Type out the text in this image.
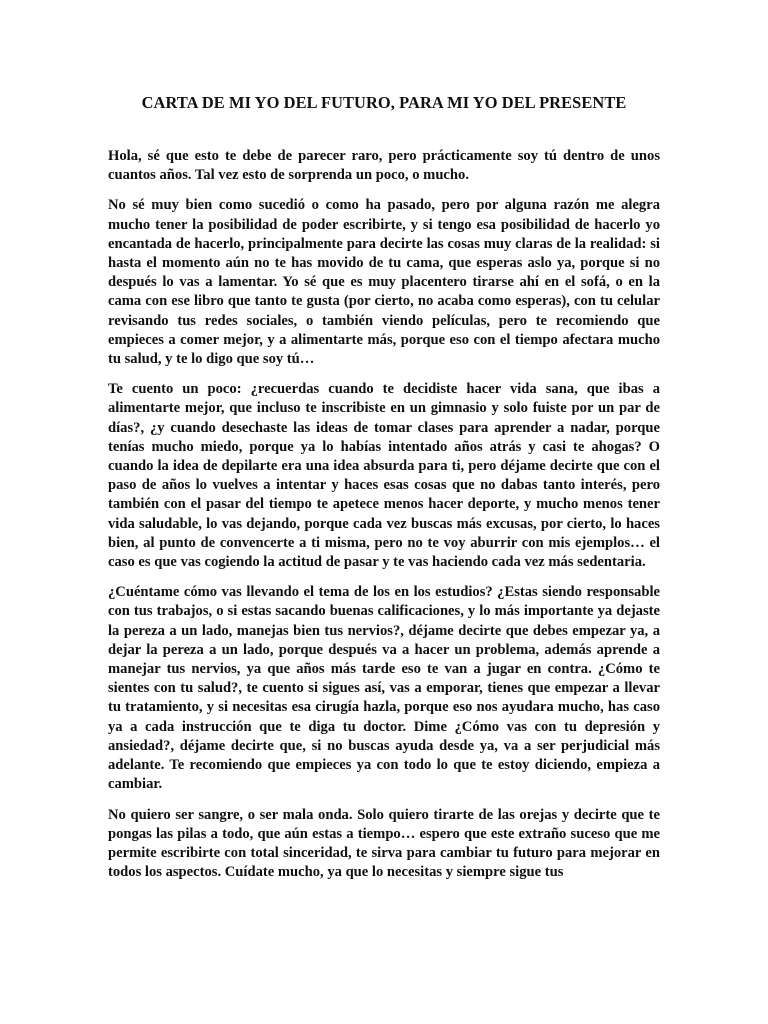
CARTA DE MI YO DEL FUTURO, PARA MI YO DEL PRESENTE

Hola, sé que esto te debe de parecer raro, pero prácticamente soy tú dentro de unos cuantos años. Tal vez esto de sorprenda un poco, o mucho.

No sé muy bien como sucedió o como ha pasado, pero por alguna razón me alegra mucho tener la posibilidad de poder escribirte, y si tengo esa posibilidad de hacerlo yo encantada de hacerlo, principalmente para decirte las cosas muy claras de la realidad: si hasta el momento aún no te has movido de tu cama, que esperas aslo ya, porque si no después lo vas a lamentar. Yo sé que es muy placentero tirarse ahí en el sofá, o en la cama con ese libro que tanto te gusta (por cierto, no acaba como esperas), con tu celular revisando tus redes sociales, o también viendo películas, pero te recomiendo que empieces a comer mejor, y a alimentarte más, porque eso con el tiempo afectara mucho tu salud, y te lo digo que soy tú…

Te cuento un poco: ¿recuerdas cuando te decidiste hacer vida sana, que ibas a alimentarte mejor, que incluso te inscribiste en un gimnasio y solo fuiste por un par de días?, ¿y cuando desechaste las ideas de tomar clases para aprender a nadar, porque tenías mucho miedo, porque ya lo habías intentado años atrás y casi te ahogas? O cuando la idea de depilarte era una idea absurda para ti, pero déjame decirte que con el paso de años lo vuelves a intentar y haces esas cosas que no dabas tanto interés, pero también con el pasar del tiempo te apetece menos hacer deporte, y mucho menos tener vida saludable, lo vas dejando, porque cada vez buscas más excusas, por cierto, lo haces bien, al punto de convencerte a ti misma, pero no te voy aburrir con mis ejemplos… el caso es que vas cogiendo la actitud de pasar y te vas haciendo cada vez más sedentaria.

¿Cuéntame cómo vas llevando el tema de los en los estudios? ¿Estas siendo responsable con tus trabajos, o si estas sacando buenas calificaciones, y lo más importante ya dejaste la pereza a un lado, manejas bien tus nervios?, déjame decirte que debes empezar ya, a dejar la pereza a un lado, porque después va a hacer un problema, además aprende a manejar tus nervios, ya que años más tarde eso te van a jugar en contra. ¿Cómo te sientes con tu salud?, te cuento si sigues así, vas a emporar, tienes que empezar a llevar tu tratamiento, y si necesitas esa cirugía hazla, porque eso nos ayudara mucho, has caso ya a cada instrucción que te diga tu doctor. Dime ¿Cómo vas con tu depresión y ansiedad?, déjame decirte que, si no buscas ayuda desde ya, va a ser perjudicial más adelante. Te recomiendo que empieces ya con todo lo que te estoy diciendo, empieza a cambiar.

No quiero ser sangre, o ser mala onda. Solo quiero tirarte de las orejas y decirte que te pongas las pilas a todo, que aún estas a tiempo… espero que este extraño suceso que me permite escribirte con total sinceridad, te sirva para cambiar tu futuro para mejorar en todos los aspectos. Cuídate mucho, ya que lo necesitas y siempre sigue tus
